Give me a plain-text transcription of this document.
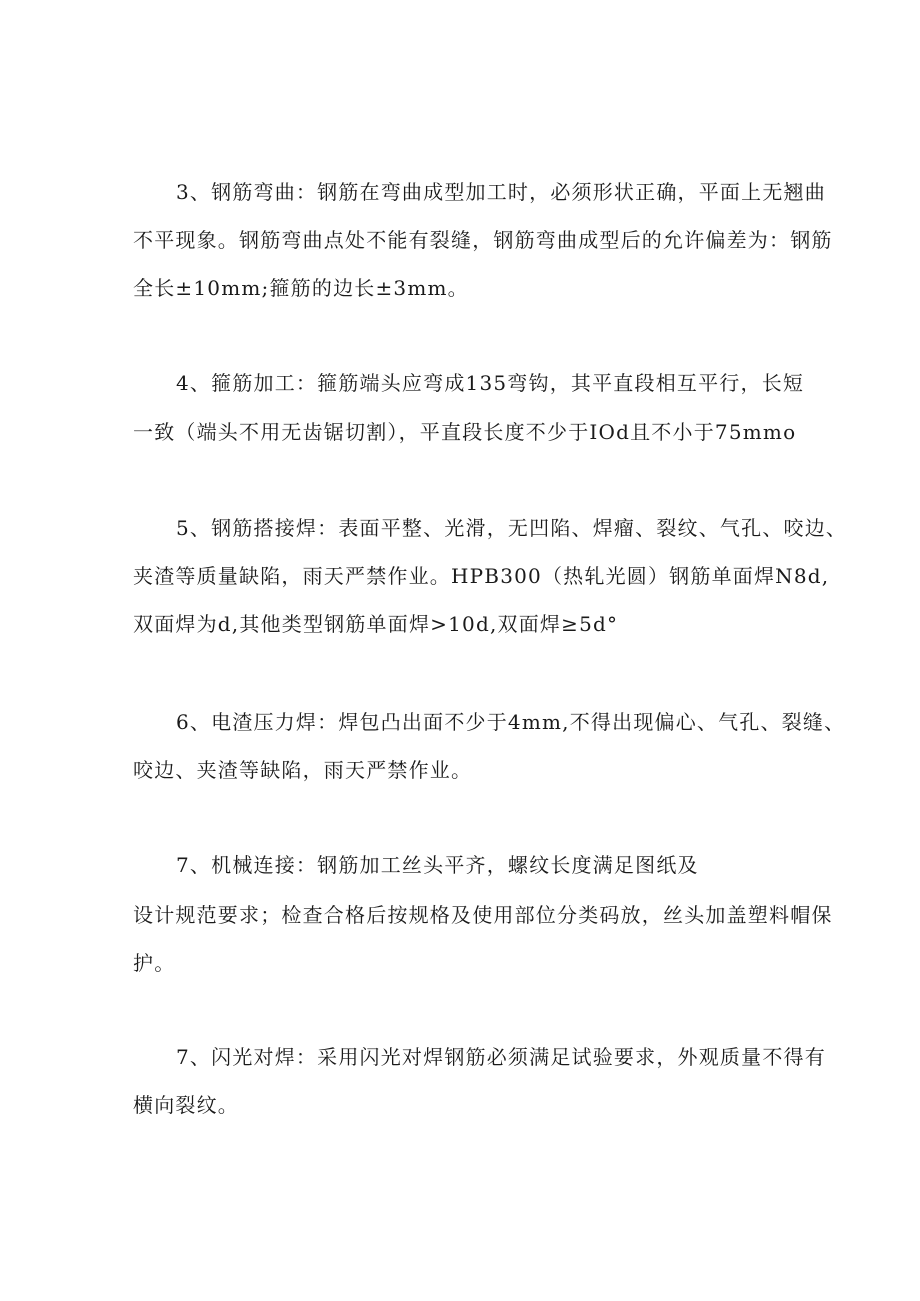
3、钢筋弯曲：钢筋在弯曲成型加工时，必须形状正确，平面上无翘曲
不平现象。钢筋弯曲点处不能有裂缝，钢筋弯曲成型后的允许偏差为：钢筋
全长±10mm;箍筋的边长±3mm。
4、箍筋加工：箍筋端头应弯成135弯钩，其平直段相互平行，长短
一致（端头不用无齿锯切割），平直段长度不少于IOd且不小于75mmo
5、钢筋搭接焊：表面平整、光滑，无凹陷、焊瘤、裂纹、气孔、咬边、
夹渣等质量缺陷，雨天严禁作业。HPB300（热轧光圆）钢筋单面焊N8d,
双面焊为d,其他类型钢筋单面焊>10d,双面焊≥5d°
6、电渣压力焊：焊包凸出面不少于4mm,不得出现偏心、气孔、裂缝、
咬边、夹渣等缺陷，雨天严禁作业。
7、机械连接：钢筋加工丝头平齐，螺纹长度满足图纸及
设计规范要求；检查合格后按规格及使用部位分类码放，丝头加盖塑料帽保
护。
7、闪光对焊：采用闪光对焊钢筋必须满足试验要求，外观质量不得有
横向裂纹。
